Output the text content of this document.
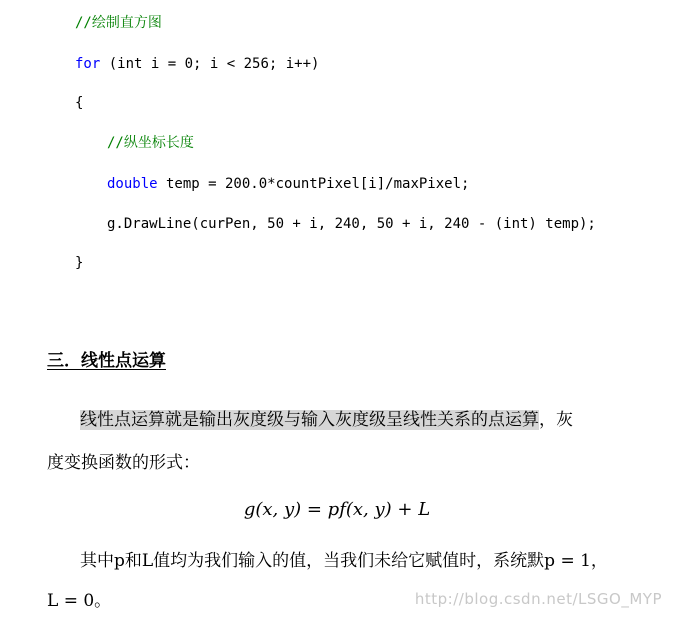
//绘制直方图
for (int i = 0; i < 256; i++)
{
//纵坐标长度
double temp = 200.0*countPixel[i]/maxPixel;
g.DrawLine(curPen, 50 + i, 240, 50 + i, 240 - (int) temp);
}
三．线性点运算
线性点运算就是输出灰度级与输入灰度级呈线性关系的点运算，灰
度变换函数的形式：
g(x, y) = pf(x, y) + L
其中p和L值均为我们输入的值，当我们未给它赋值时，系统默p = 1，
L = 0。	http://blog.csdn.net/LSGO_MYP
